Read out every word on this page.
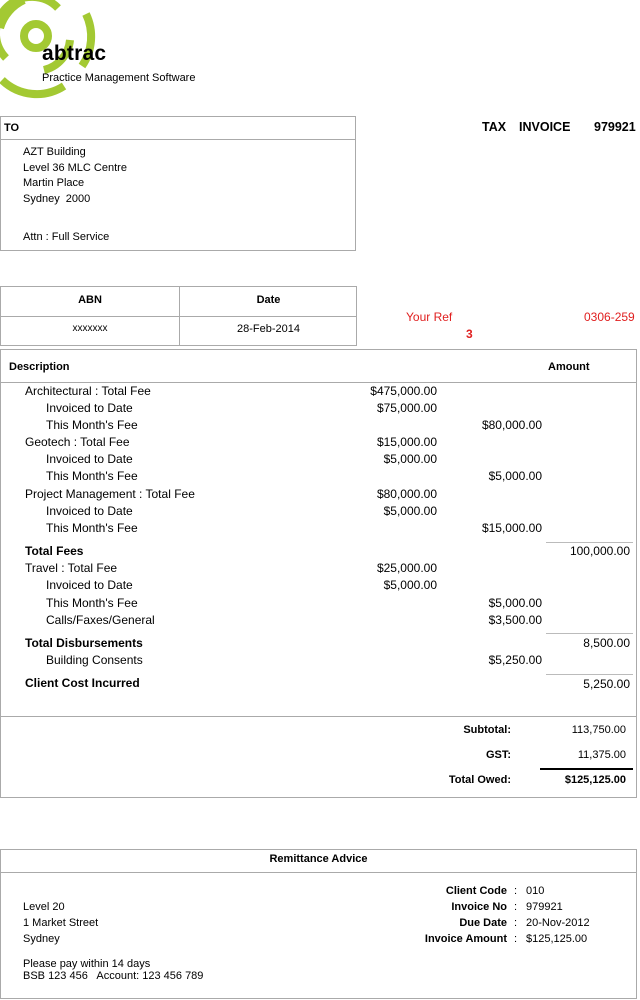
abtrac
Practice Management Software
TO
AZT Building
Level 36 MLC Centre
Martin Place
Sydney  2000
Attn : Full Service
TAX  INVOICE 979921
ABN	Date
xxxxxxx	28-Feb-2014
Your Ref	0306-259
3
Description	Amount
Architectural : Total Fee	$475,000.00
Invoiced to Date	$75,000.00
This Month's Fee	$80,000.00
Geotech : Total Fee	$15,000.00
Invoiced to Date	$5,000.00
This Month's Fee	$5,000.00
Project Management : Total Fee	$80,000.00
Invoiced to Date	$5,000.00
This Month's Fee	$15,000.00
Total Fees	100,000.00
Travel : Total Fee	$25,000.00
Invoiced to Date	$5,000.00
This Month's Fee	$5,000.00
Calls/Faxes/General	$3,500.00
Total Disbursements	8,500.00
Building Consents	$5,250.00
Client Cost Incurred	5,250.00
Subtotal:	113,750.00
GST:	11,375.00
Total Owed:	$125,125.00
Remittance Advice
Level 20
1 Market Street
Sydney
Please pay within 14 days
BSB 123 456   Account: 123 456 789
Client Code : 010
Invoice No : 979921
Due Date : 20-Nov-2012
Invoice Amount : $125,125.00
